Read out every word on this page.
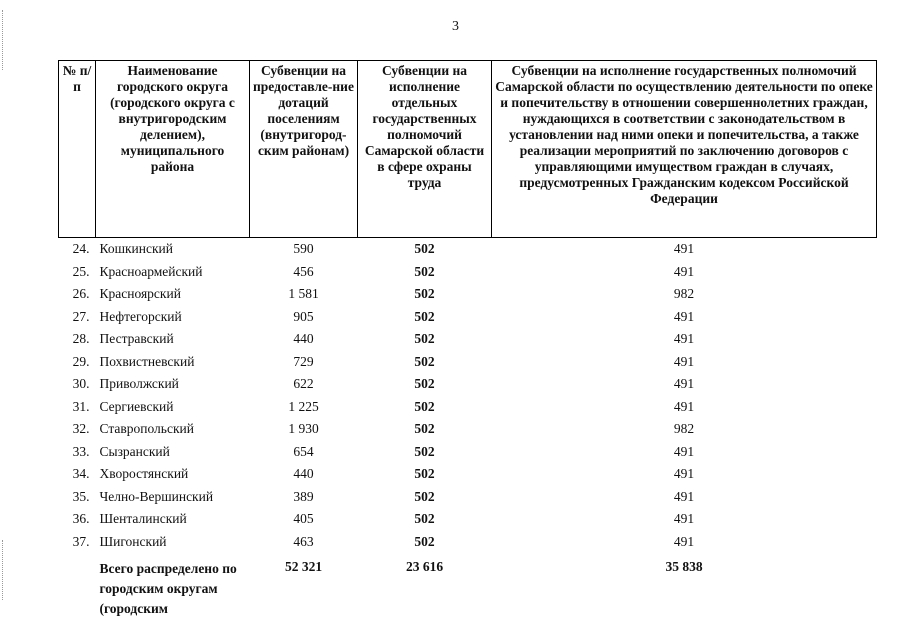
3
№ п/п	Наименование городского округа (городского округа с внутригородским делением), муниципального района	Субвенции на предоставле-ние дотаций поселениям (внутригород-ским районам)	Субвенции на исполнение отдельных государственных полномочий Самарской области в сфере охраны труда	Субвенции на исполнение государственных полномочий Самарской области по осуществлению деятельности по опеке и попечительству в отношении совершеннолетних граждан, нуждающихся в соответствии с законодательством в установлении над ними опеки и попечительства, а также реализации мероприятий по заключению договоров с управляющими имуществом граждан в случаях, предусмотренных Гражданским кодексом Российской Федерации
24.	Кошкинский	590	502	491
25.	Красноармейский	456	502	491
26.	Красноярский	1 581	502	982
27.	Нефтегорский	905	502	491
28.	Пестравский	440	502	491
29.	Похвистневский	729	502	491
30.	Приволжский	622	502	491
31.	Сергиевский	1 225	502	491
32.	Ставропольский	1 930	502	982
33.	Сызранский	654	502	491
34.	Хворостянский	440	502	491
35.	Челно-Вершинский	389	502	491
36.	Шенталинский	405	502	491
37.	Шигонский	463	502	491
	Всего распределено по городским округам (городским	52 321	23 616	35 838
